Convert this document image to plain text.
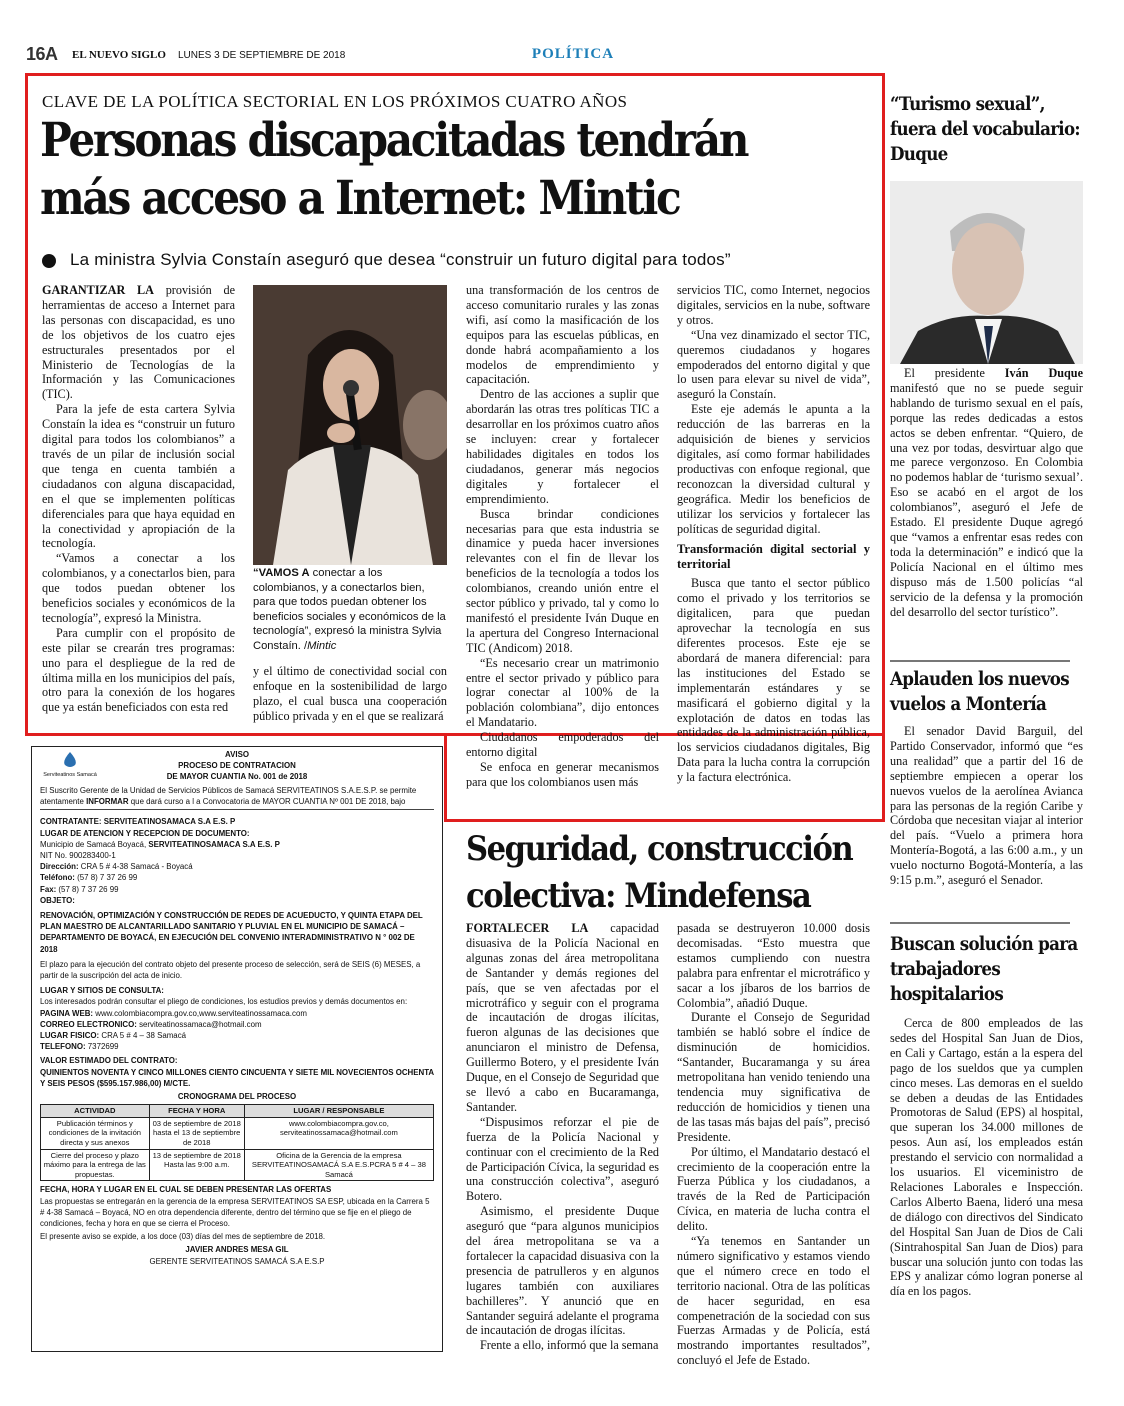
16A EL NUEVO SIGLO LUNES 3 DE SEPTIEMBRE DE 2018	POLÍTICA
CLAVE DE LA POLÍTICA SECTORIAL EN LOS PRÓXIMOS CUATRO AÑOS
Personas discapacitadas tendrán
más acceso a Internet: Mintic
La ministra Sylvia Constaín aseguró que desea “construir un futuro digital para todos”

GARANTIZAR LA provisión de herramientas de acceso a Internet para las personas con discapacidad, es uno de los objetivos de los cuatro ejes estructurales presentados por el Ministerio de Tecnologías de la Información y las Comunicaciones (TIC).

Para la jefe de esta cartera Sylvia Constaín la idea es “construir un futuro digital para todos los colombianos” a través de un pilar de inclusión social que tenga en cuenta también a ciudadanos con alguna discapacidad, en el que se implementen políticas diferenciales para que haya equidad en la conectividad y apropiación de la tecnología.

“Vamos a conectar a los colombianos, y a conectarlos bien, para que todos puedan obtener los beneficios sociales y económicos de la tecnología”, expresó la Ministra.

Para cumplir con el propósito de este pilar se crearán tres programas: uno para el despliegue de la red de última milla en los municipios del país, otro para la conexión de los hogares que ya están beneficiados con esta red

“VAMOS A conectar a los colombianos, y a conectarlos bien, para que todos puedan obtener los beneficios sociales y económicos de la tecnología”, expresó la ministra Sylvia Constaín. /Mintic

y el último de conectividad social con enfoque en la sostenibilidad de largo plazo, el cual busca una cooperación público privada y en el que se realizará

una transformación de los centros de acceso comunitario rurales y las zonas wifi, así como la masificación de los equipos para las escuelas públicas, en donde habrá acompañamiento a los modelos de emprendimiento y capacitación.

Dentro de las acciones a suplir que abordarán las otras tres políticas TIC a desarrollar en los próximos cuatro años se incluyen: crear y fortalecer habilidades digitales en todos los ciudadanos, generar más negocios digitales y fortalecer el emprendimiento.

Busca brindar condiciones necesarias para que esta industria se dinamice y pueda hacer inversiones relevantes con el fin de llevar los beneficios de la tecnología a todos los colombianos, creando unión entre el sector público y privado, tal y como lo manifestó el presidente Iván Duque en la apertura del Congreso Internacional TIC (Andicom) 2018.

“Es necesario crear un matrimonio entre el sector privado y público para lograr conectar al 100% de la población colombiana”, dijo entonces el Mandatario.

Ciudadanos empoderados del entorno digital

Se enfoca en generar mecanismos para que los colombianos usen más

servicios TIC, como Internet, negocios digitales, servicios en la nube, software y otros.

“Una vez dinamizado el sector TIC, queremos ciudadanos y hogares empoderados del entorno digital y que lo usen para elevar su nivel de vida”, aseguró la Constaín.

Este eje además le apunta a la reducción de las barreras en la adquisición de bienes y servicios digitales, así como formar habilidades productivas con enfoque regional, que reconozcan la diversidad cultural y geográfica. Medir los beneficios de utilizar los servicios y fortalecer las políticas de seguridad digital.

Transformación digital sectorial y territorial

Busca que tanto el sector público como el privado y los territorios se digitalicen, para que puedan aprovechar la tecnología en sus diferentes procesos. Este eje se abordará de manera diferencial: para las instituciones del Estado se implementarán estándares y se masificará el gobierno digital y la explotación de datos en todas las entidades de la administración pública, los servicios ciudadanos digitales, Big Data para la lucha contra la corrupción y la factura electrónica.

“Turismo sexual”, fuera del vocabulario: Duque

El presidente Iván Duque manifestó que no se puede seguir hablando de turismo sexual en el país, porque las redes dedicadas a estos actos se deben enfrentar. “Quiero, de una vez por todas, desvirtuar algo que me parece vergonzoso. En Colombia no podemos hablar de ‘turismo sexual’. Eso se acabó en el argot de los colombianos”, aseguró el Jefe de Estado. El presidente Duque agregó que “vamos a enfrentar esas redes con toda la determinación” e indicó que la Policía Nacional en el último mes dispuso más de 1.500 policías “al servicio de la defensa y la promoción del desarrollo del sector turístico”.

Aplauden los nuevos vuelos a Montería

El senador David Barguil, del Partido Conservador, informó que “es una realidad” que a partir del 16 de septiembre empiecen a operar los nuevos vuelos de la aerolínea Avianca para las personas de la región Caribe y Córdoba que necesitan viajar al interior del país. “Vuelo a primera hora Montería-Bogotá, a las 6:00 a.m., y un vuelo nocturno Bogotá-Montería, a las 9:15 p.m.”, aseguró el Senador.

Buscan solución para trabajadores hospitalarios

Cerca de 800 empleados de las sedes del Hospital San Juan de Dios, en Cali y Cartago, están a la espera del pago de los sueldos que ya cumplen cinco meses. Las demoras en el sueldo se deben a deudas de las Entidades Promotoras de Salud (EPS) al hospital, que superan los 34.000 millones de pesos. Aun así, los empleados están prestando el servicio con normalidad a los usuarios. El viceministro de Relaciones Laborales e Inspección. Carlos Alberto Baena, lideró una mesa de diálogo con directivos del Sindicato del Hospital San Juan de Dios de Cali (Sintrahospital San Juan de Dios) para buscar una solución junto con todas las EPS y analizar cómo logran ponerse al día en los pagos.

Serviteatinos Samacá
AVISO
PROCESO DE CONTRATACION
DE MAYOR CUANTIA No. 001 de 2018
El Suscrito Gerente de la Unidad de Servicios Públicos de Samacá SERVITEATINOS S.A.E.S.P. se permite atentamente INFORMAR que dará curso a l a Convocatoria de MAYOR CUANTIA Nº 001 DE 2018, bajo
CONTRATANTE: SERVITEATINOSAMACA S.A E.S. P
LUGAR DE ATENCION Y RECEPCION DE DOCUMENTO:
Municipio de Samacá Boyacá, SERVITEATINOSAMACA S.A E.S. P
NIT No. 900283400-1
Dirección: CRA 5 # 4-38 Samacá - Boyacá
Teléfono: (57 8) 7 37 26 99
Fax: (57 8) 7 37 26 99
OBJETO:
RENOVACIÓN, OPTIMIZACIÓN Y CONSTRUCCIÓN DE REDES DE ACUEDUCTO, Y QUINTA ETAPA DEL PLAN MAESTRO DE ALCANTARILLADO SANITARIO Y PLUVIAL EN EL MUNICIPIO DE SAMACÁ – DEPARTAMENTO DE BOYACÁ, EN EJECUCIÓN DEL CONVENIO INTERADMINISTRATIVO N ° 002 DE 2018
El plazo para la ejecución del contrato objeto del presente proceso de selección, será de SEIS (6) MESES, a partir de la suscripción del acta de inicio.
LUGAR Y SITIOS DE CONSULTA:
Los interesados podrán consultar el pliego de condiciones, los estudios previos y demás documentos en:
PAGINA WEB: www.colombiacompra.gov.co,www.serviteatinossamaca.com
CORREO ELECTRONICO: serviteatinossamaca@hotmail.com
LUGAR FISICO: CRA 5 # 4 – 38 Samacá
TELEFONO: 7372699
VALOR ESTIMADO DEL CONTRATO:
QUINIENTOS NOVENTA Y CINCO MILLONES CIENTO CINCUENTA Y SIETE MIL NOVECIENTOS OCHENTA Y SEIS PESOS ($595.157.986,00) M/CTE.
CRONOGRAMA DEL PROCESO
ACTIVIDAD	FECHA Y HORA	LUGAR / RESPONSABLE
Publicación términos y condiciones de la invitación directa y sus anexos	03 de septiembre de 2018 hasta el 13 de septiembre de 2018	www.colombiacompra.gov.co, serviteatinossamaca@hotmail.com
Cierre del proceso y plazo máximo para la entrega de las propuestas.	13 de septiembre de 2018 Hasta las 9:00 a.m.	Oficina de la Gerencia de la empresa SERVITEATINOSAMACÁ S.A E.S.PCRA 5 # 4 – 38 Samacá
FECHA, HORA Y LUGAR EN EL CUAL SE DEBEN PRESENTAR LAS OFERTAS
Las propuestas se entregarán en la gerencia de la empresa SERVITEATINOS SA ESP, ubicada en la Carrera 5 # 4-38 Samacá – Boyacá, NO en otra dependencia diferente, dentro del término que se fije en el pliego de condiciones, fecha y hora en que se cierra el Proceso.
El presente aviso se expide, a los doce (03) días del mes de septiembre de 2018.
JAVIER ANDRES MESA GIL
GERENTE SERVITEATINOS SAMACÁ S.A E.S.P
Seguridad, construcción
colectiva: Mindefensa

FORTALECER LA capacidad disuasiva de la Policía Nacional en algunas zonas del área metropolitana de Santander y demás regiones del país, que se ven afectadas por el microtráfico y seguir con el programa de incautación de drogas ilícitas, fueron algunas de las decisiones que anunciaron el ministro de Defensa, Guillermo Botero, y el presidente Iván Duque, en el Consejo de Seguridad que se llevó a cabo en Bucaramanga, Santander.

“Dispusimos reforzar el pie de fuerza de la Policía Nacional y continuar con el crecimiento de la Red de Participación Cívica, la seguridad es una construcción colectiva”, aseguró Botero.

Asimismo, el presidente Duque aseguró que “para algunos municipios del área metropolitana se va a fortalecer la capacidad disuasiva con la presencia de patrulleros y en algunos lugares también con auxiliares bachilleres”. Y anunció que en Santander seguirá adelante el programa de incautación de drogas ilícitas.

Frente a ello, informó que la semana

pasada se destruyeron 10.000 dosis decomisadas. “Esto muestra que estamos cumpliendo con nuestra palabra para enfrentar el microtráfico y sacar a los jíbaros de los barrios de Colombia”, añadió Duque.

Durante el Consejo de Seguridad también se habló sobre el índice de disminución de homicidios. “Santander, Bucaramanga y su área metropolitana han venido teniendo una tendencia muy significativa de reducción de homicidios y tienen una de las tasas más bajas del país”, precisó Presidente.

Por último, el Mandatario destacó el crecimiento de la cooperación entre la Fuerza Pública y los ciudadanos, a través de la Red de Participación Cívica, en materia de lucha contra el delito.

“Ya tenemos en Santander un número significativo y estamos viendo que el número crece en todo el territorio nacional. Otra de las políticas de hacer seguridad, en esa compenetración de la sociedad con sus Fuerzas Armadas y de Policía, está mostrando importantes resultados”, concluyó el Jefe de Estado.
